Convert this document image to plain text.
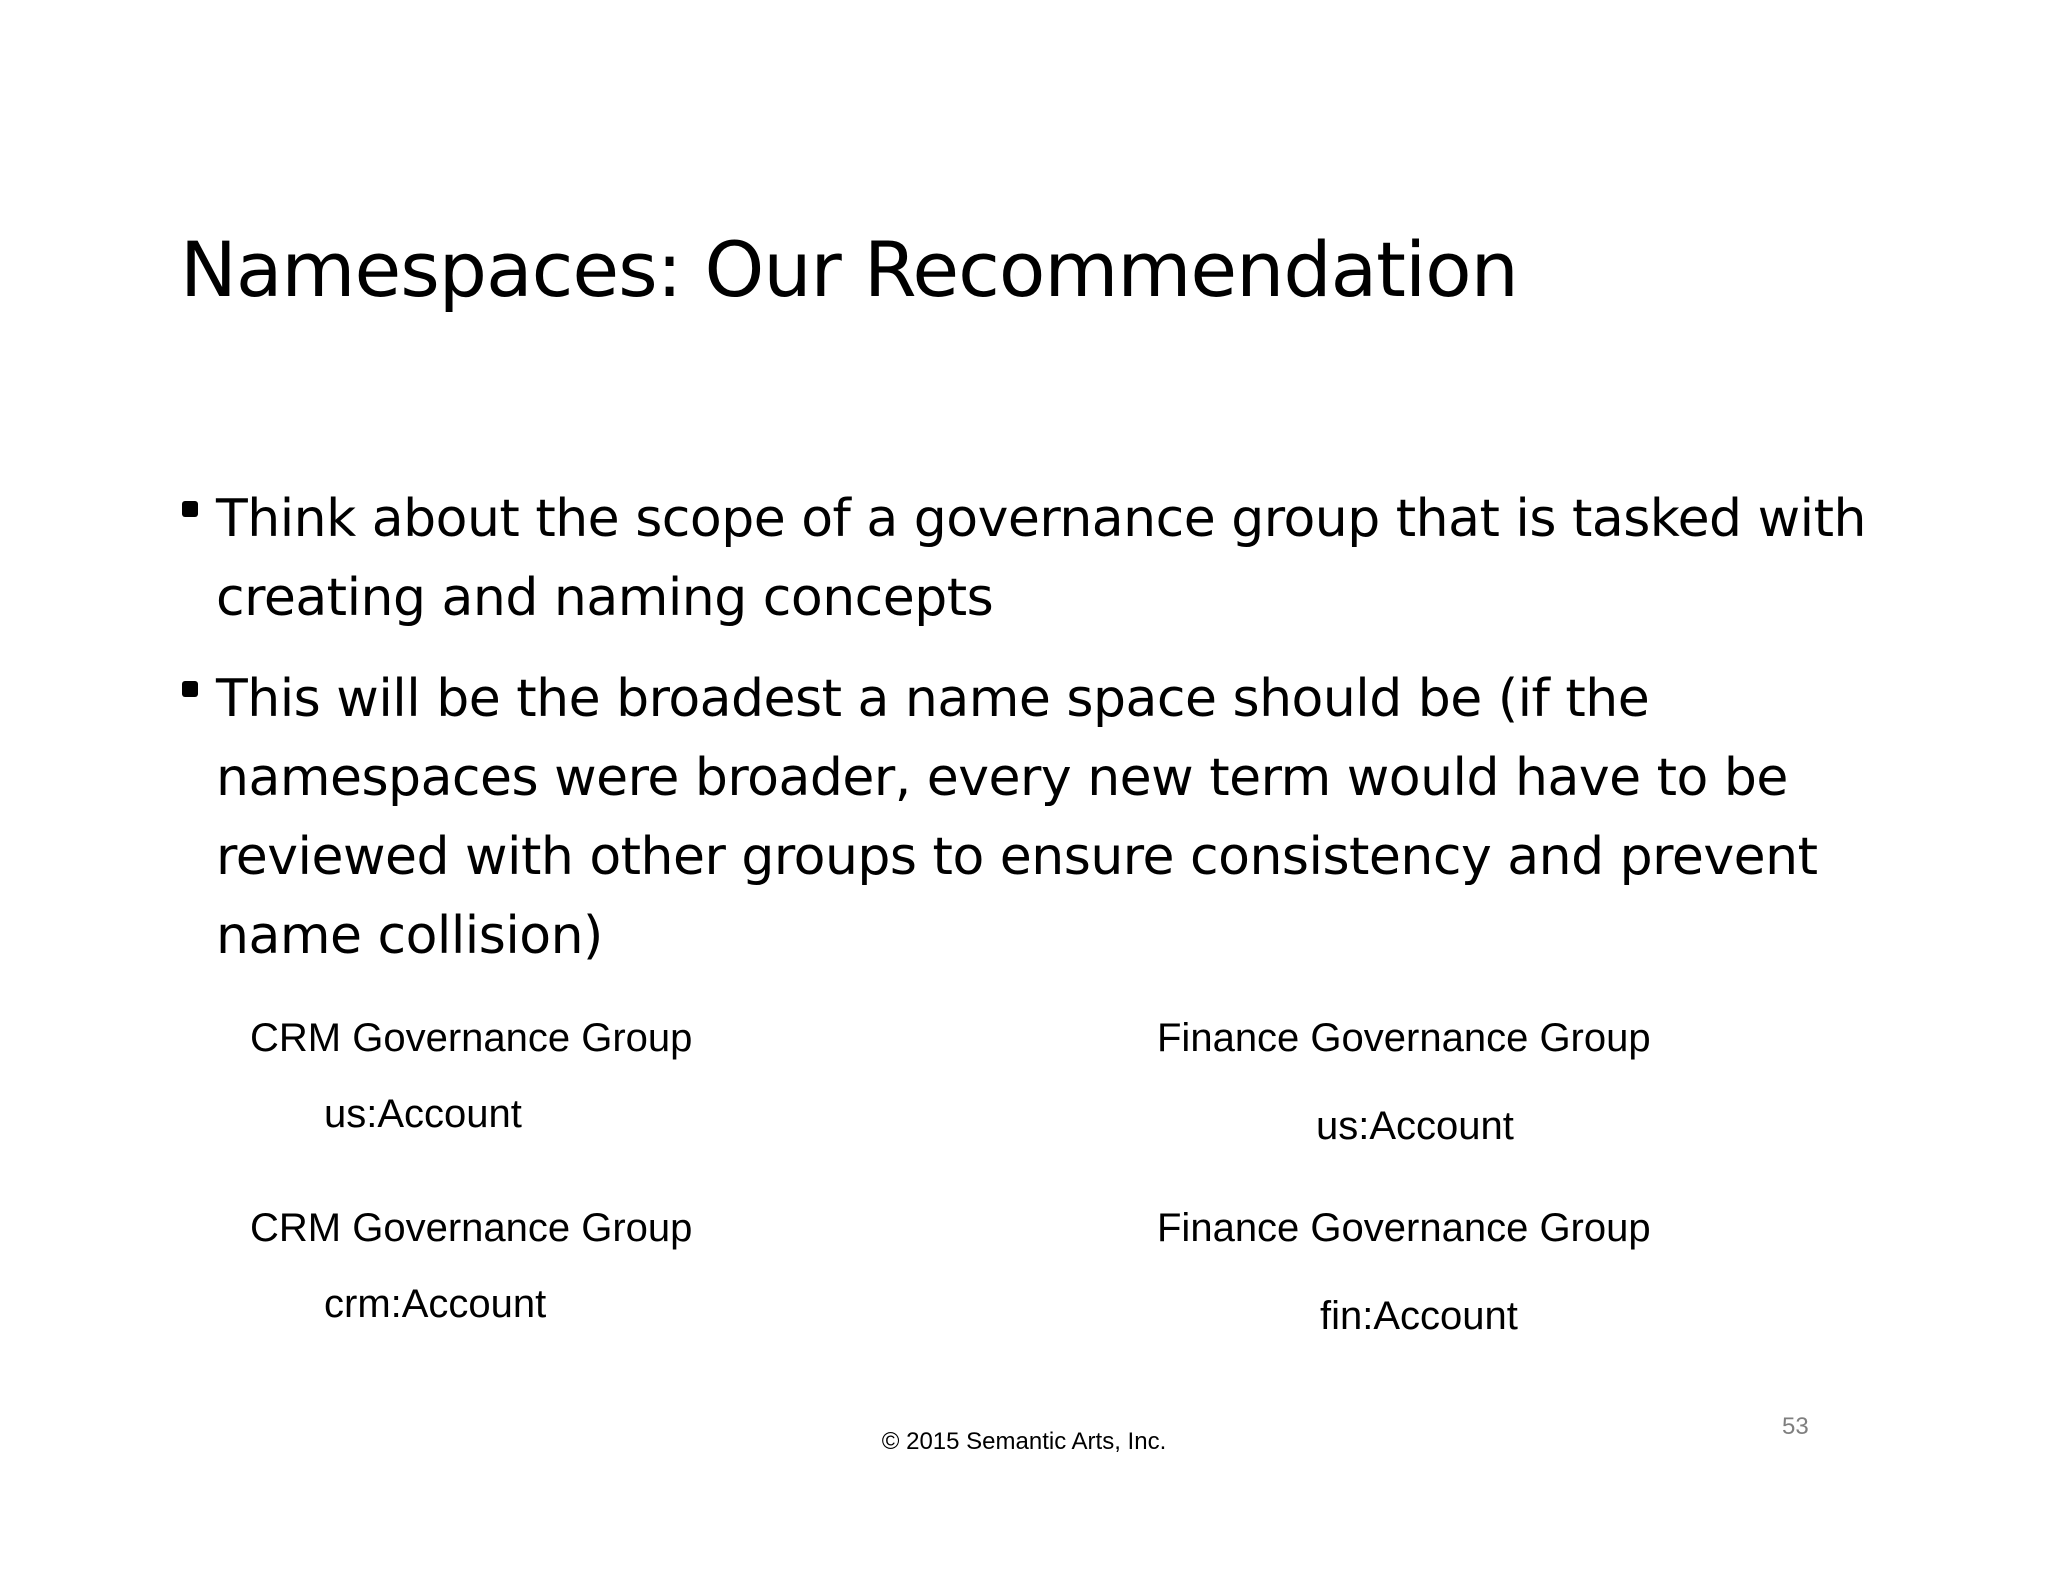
Namespaces: Our Recommendation
Think about the scope of a governance group that is tasked with creating and naming concepts
This will be the broadest a name space should be (if the namespaces were broader, every new term would have to be reviewed with other groups to ensure consistency and prevent name collision)
CRM Governance Group
us:Account
Finance Governance Group
us:Account
CRM Governance Group
crm:Account
Finance Governance Group
fin:Account
© 2015 Semantic Arts, Inc.
53
